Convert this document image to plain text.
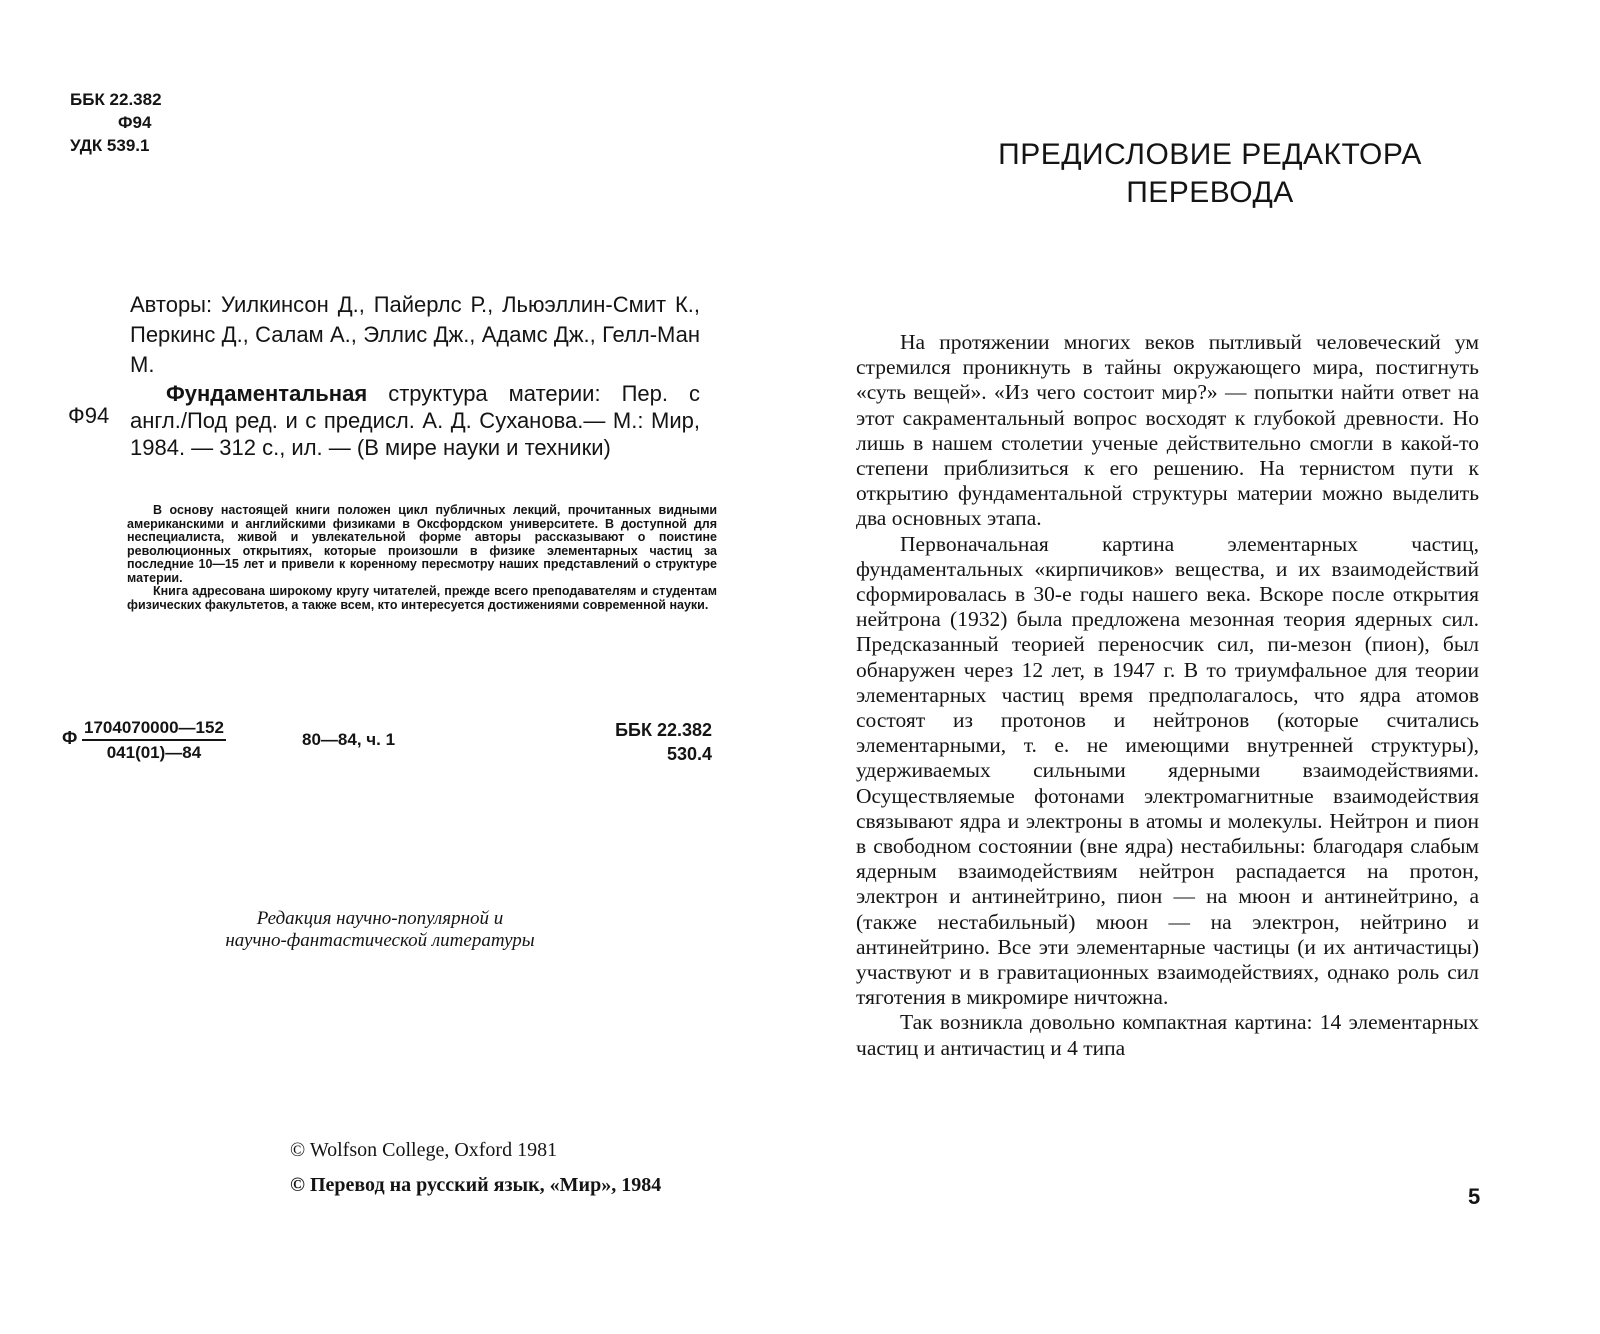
ББК 22.382
Ф94
УДК 539.1
Авторы: Уилкинсон Д., Пайерлс Р., Льюэллин-Смит К., Перкинс Д., Салам А., Эллис Дж., Адамс Дж., Гелл-Ман М.
Ф94
Фундаментальная структура материи: Пер. с англ./Под ред. и с предисл. А. Д. Суханова.— М.: Мир, 1984. — 312 с., ил. — (В мире науки и техники)

В основу настоящей книги положен цикл публичных лекций, прочитанных видными американскими и английскими физиками в Оксфордском университете. В доступной для неспециалиста, живой и увлекательной форме авторы рассказывают о поистине революционных открытиях, которые произошли в физике элементарных частиц за последние 10—15 лет и привели к коренному пересмотру наших представлений о структуре материи.

Книга адресована широкому кругу читателей, прежде всего преподавателям и студентам физических факультетов, а также всем, кто интересуется достижениями современной науки.

Ф $\frac{1704070000—152}{041(01)—84}$	80—84, ч. 1	ББК 22.382
530.4
Редакция научно-популярной и
научно-фантастической литературы
© Wolfson College, Oxford 1981
© Перевод на русский язык, «Мир», 1984
ПРЕДИСЛОВИЕ РЕДАКТОРА
ПЕРЕВОДА

На протяжении многих веков пытливый человеческий ум стремился проникнуть в тайны окружающего мира, постигнуть «суть вещей». «Из чего состоит мир?» — попытки найти ответ на этот сакраментальный вопрос восходят к глубокой древности. Но лишь в нашем столетии ученые действительно смогли в какой-то степени приблизиться к его решению. На тернистом пути к открытию фундаментальной структуры материи можно выделить два основных этапа.

Первоначальная картина элементарных частиц, фундаментальных «кирпичиков» вещества, и их взаимодействий сформировалась в 30-е годы нашего века. Вскоре после открытия нейтрона (1932) была предложена мезонная теория ядерных сил. Предсказанный теорией переносчик сил, пи-мезон (пион), был обнаружен через 12 лет, в 1947 г. В то триумфальное для теории элементарных частиц время предполагалось, что ядра атомов состоят из протонов и нейтронов (которые считались элементарными, т. е. не имеющими внутренней структуры), удерживаемых сильными ядерными взаимодействиями. Осуществляемые фотонами электромагнитные взаимодействия связывают ядра и электроны в атомы и молекулы. Нейтрон и пион в свободном состоянии (вне ядра) нестабильны: благодаря слабым ядерным взаимодействиям нейтрон распадается на протон, электрон и антинейтрино, пион — на мюон и антинейтрино, а (также нестабильный) мюон — на электрон, нейтрино и антинейтрино. Все эти элементарные частицы (и их античастицы) участвуют и в гравитационных взаимодействиях, однако роль сил тяготения в микромире ничтожна.

Так возникла довольно компактная картина: 14 элементарных частиц и античастиц и 4 типа

5
